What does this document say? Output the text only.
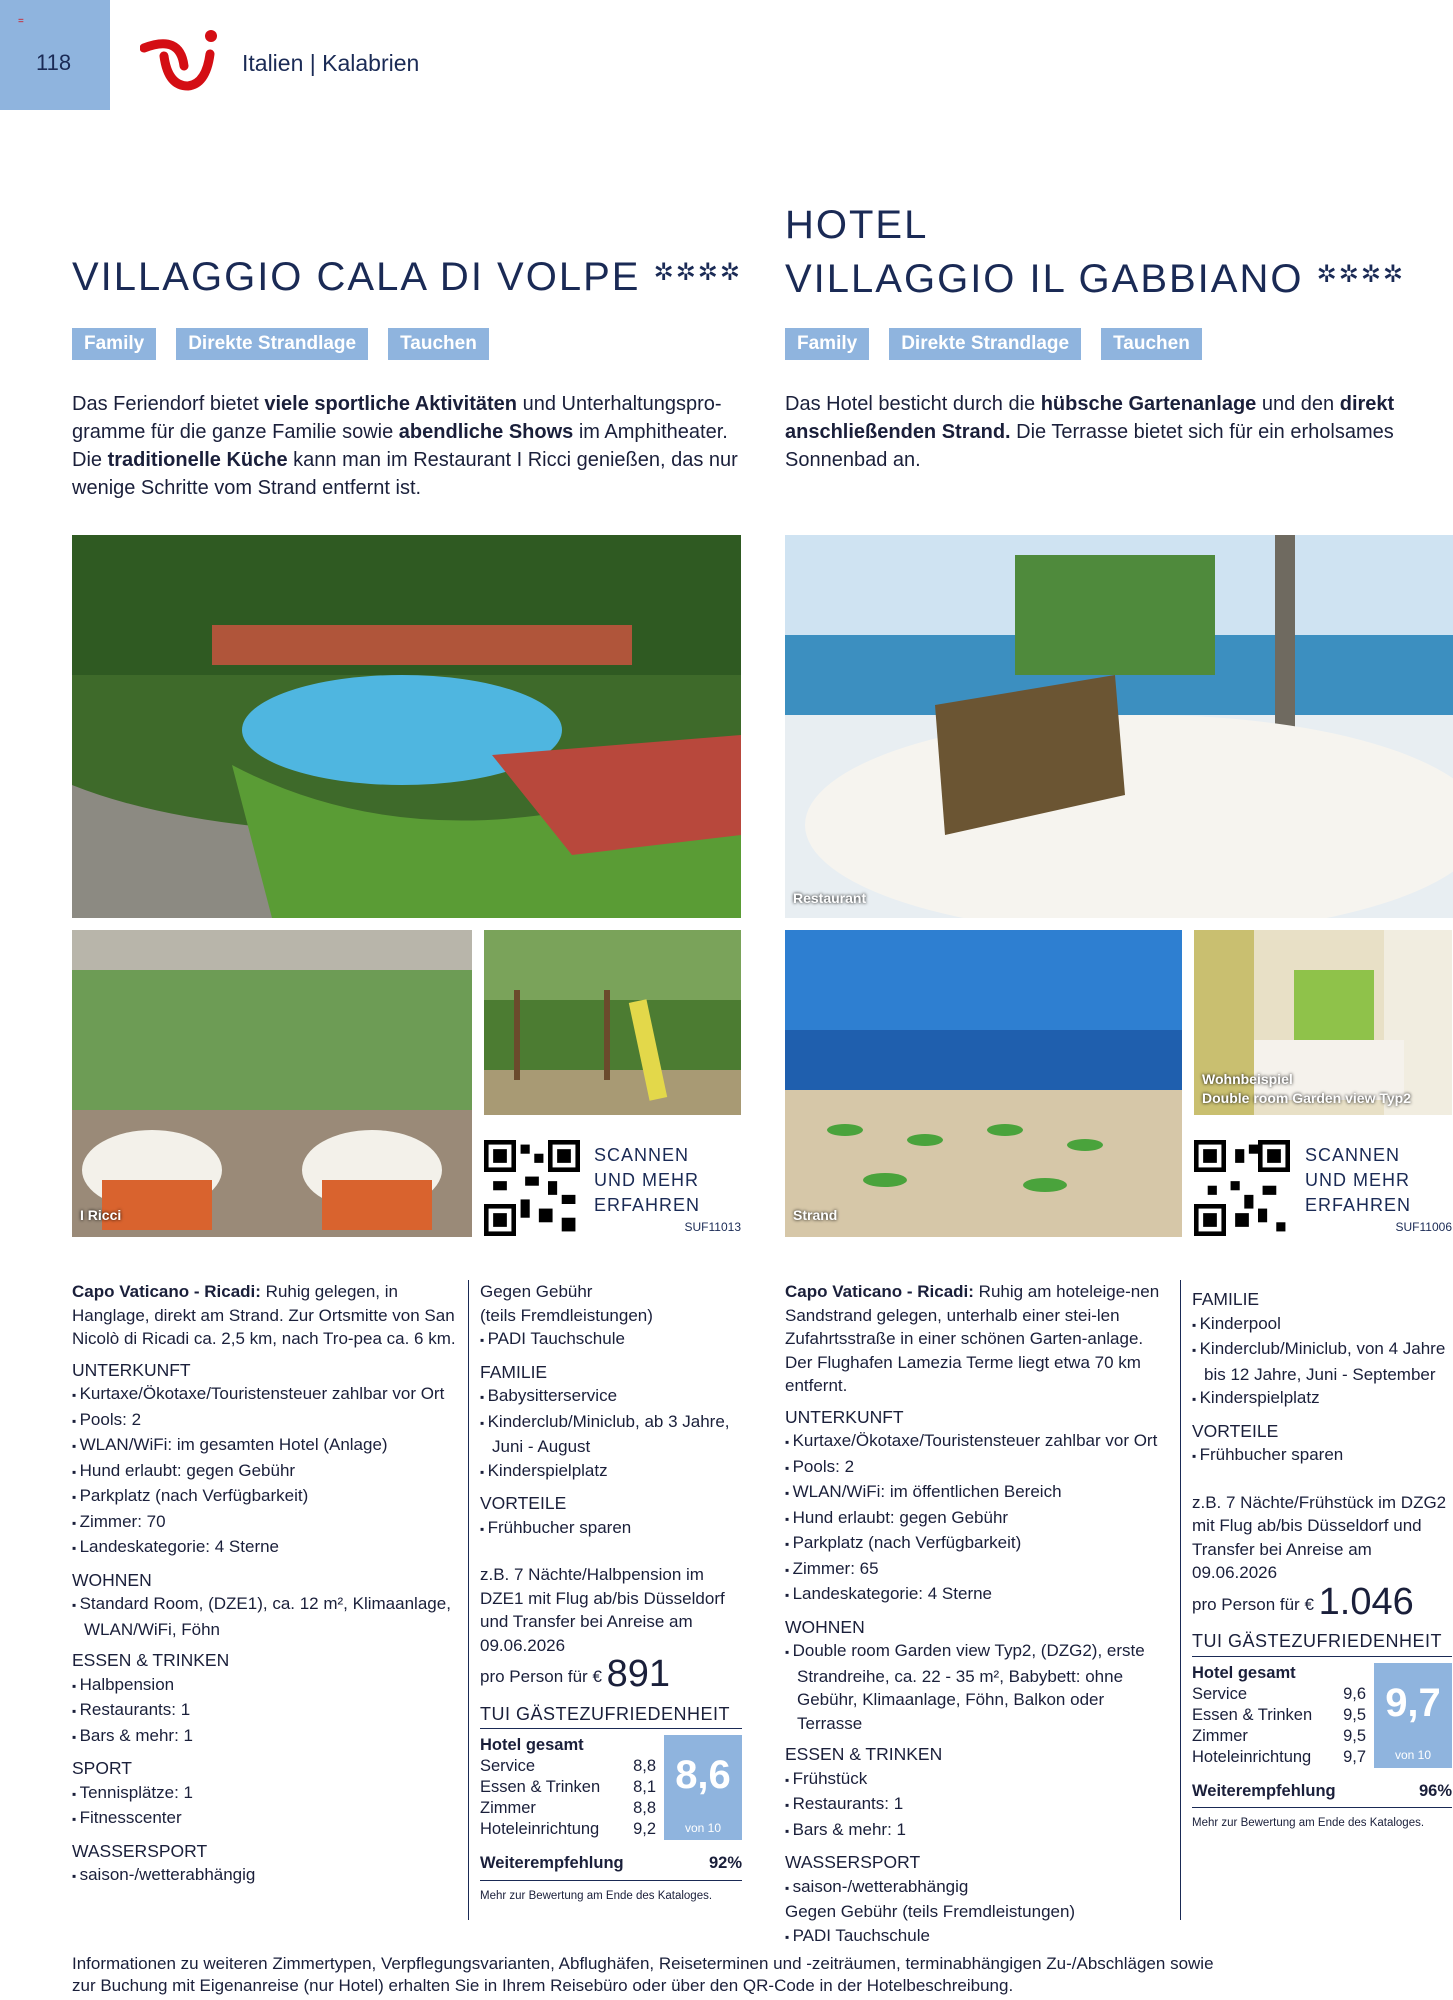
=
118	Italien | Kalabrien
VILLAGGIO CALA DI VOLPE ✲✲✲✲
Family Direkte Strandlage Tauchen
Das Feriendorf bietet viele sportliche Aktivitäten und Unterhaltungspro-gramme für die ganze Familie sowie abendliche Shows im Amphitheater. Die traditionelle Küche kann man im Restaurant I Ricci genießen, das nur wenige Schritte vom Strand entfernt ist.
HOTEL
VILLAGGIO IL GABBIANO ✲✲✲✲
Family Direkte Strandlage Tauchen
Das Hotel besticht durch die hübsche Gartenanlage und den direkt anschließenden Strand. Die Terrasse bietet sich für ein erholsames Sonnenbad an.
I Ricci
SCANNEN
UND MEHR
ERFAHREN
SUF11013
Restaurant
Strand
Wohnbeispiel
Double room Garden view Typ2
SCANNEN
UND MEHR
ERFAHREN
SUF11006
Capo Vaticano - Ricadi: Ruhig gelegen, in Hanglage, direkt am Strand. Zur Ortsmitte von San Nicolò di Ricadi ca. 2,5 km, nach Tro-pea ca. 6 km.
UNTERKUNFT
▪ Kurtaxe/Ökotaxe/Touristensteuer zahlbar vor Ort
▪ Pools: 2
▪ WLAN/WiFi: im gesamten Hotel (Anlage)
▪ Hund erlaubt: gegen Gebühr
▪ Parkplatz (nach Verfügbarkeit)
▪ Zimmer: 70
▪ Landeskategorie: 4 Sterne
WOHNEN
▪ Standard Room, (DZE1), ca. 12 m², Klimaanlage, WLAN/WiFi, Föhn
ESSEN & TRINKEN
▪ Halbpension
▪ Restaurants: 1
▪ Bars & mehr: 1
SPORT
▪ Tennisplätze: 1
▪ Fitnesscenter
WASSERSPORT
▪ saison-/wetterabhängig
Gegen Gebühr
(teils Fremdleistungen)
▪ PADI Tauchschule
FAMILIE
▪ Babysitterservice
▪ Kinderclub/Miniclub, ab 3 Jahre, Juni - August
▪ Kinderspielplatz
VORTEILE
▪ Frühbucher sparen
z.B. 7 Nächte/Halbpension im DZE1 mit Flug ab/bis Düsseldorf und Transfer bei Anreise am 09.06.2026
pro Person für € 891
TUI GÄSTEZUFRIEDENHEIT
Hotel gesamt
Service	8,8
Essen & Trinken 8,1
Zimmer	8,8
Hoteleinrichtung 9,2
8,6
von 10
Weiterempfehlung	92%
Mehr zur Bewertung am Ende des Kataloges.
Capo Vaticano - Ricadi: Ruhig am hoteleige-nen Sandstrand gelegen, unterhalb einer stei-len Zufahrtsstraße in einer schönen Garten-anlage. Der Flughafen Lamezia Terme liegt etwa 70 km entfernt.
UNTERKUNFT
▪ Kurtaxe/Ökotaxe/Touristensteuer zahlbar vor Ort
▪ Pools: 2
▪ WLAN/WiFi: im öffentlichen Bereich
▪ Hund erlaubt: gegen Gebühr
▪ Parkplatz (nach Verfügbarkeit)
▪ Zimmer: 65
▪ Landeskategorie: 4 Sterne
WOHNEN
▪ Double room Garden view Typ2, (DZG2), erste Strandreihe, ca. 22 - 35 m², Babybett: ohne Gebühr, Klimaanlage, Föhn, Balkon oder Terrasse
ESSEN & TRINKEN
▪ Frühstück
▪ Restaurants: 1
▪ Bars & mehr: 1
WASSERSPORT
▪ saison-/wetterabhängig
Gegen Gebühr (teils Fremdleistungen)
▪ PADI Tauchschule
FAMILIE
▪ Kinderpool
▪ Kinderclub/Miniclub, von 4 Jahre bis 12 Jahre, Juni - September
▪ Kinderspielplatz
VORTEILE
▪ Frühbucher sparen
z.B. 7 Nächte/Frühstück im DZG2 mit Flug ab/bis Düsseldorf und Transfer bei Anreise am 09.06.2026
pro Person für € 1.046
TUI GÄSTEZUFRIEDENHEIT
Hotel gesamt
Service	9,6
Essen & Trinken 9,5
Zimmer	9,5
Hoteleinrichtung 9,7
9,7
von 10
Weiterempfehlung	96%
Mehr zur Bewertung am Ende des Kataloges.
Informationen zu weiteren Zimmertypen, Verpflegungsvarianten, Abflughäfen, Reiseterminen und -zeiträumen, terminabhängigen Zu-/Abschlägen sowie zur Buchung mit Eigenanreise (nur Hotel) erhalten Sie in Ihrem Reisebüro oder über den QR-Code in der Hotelbeschreibung.
